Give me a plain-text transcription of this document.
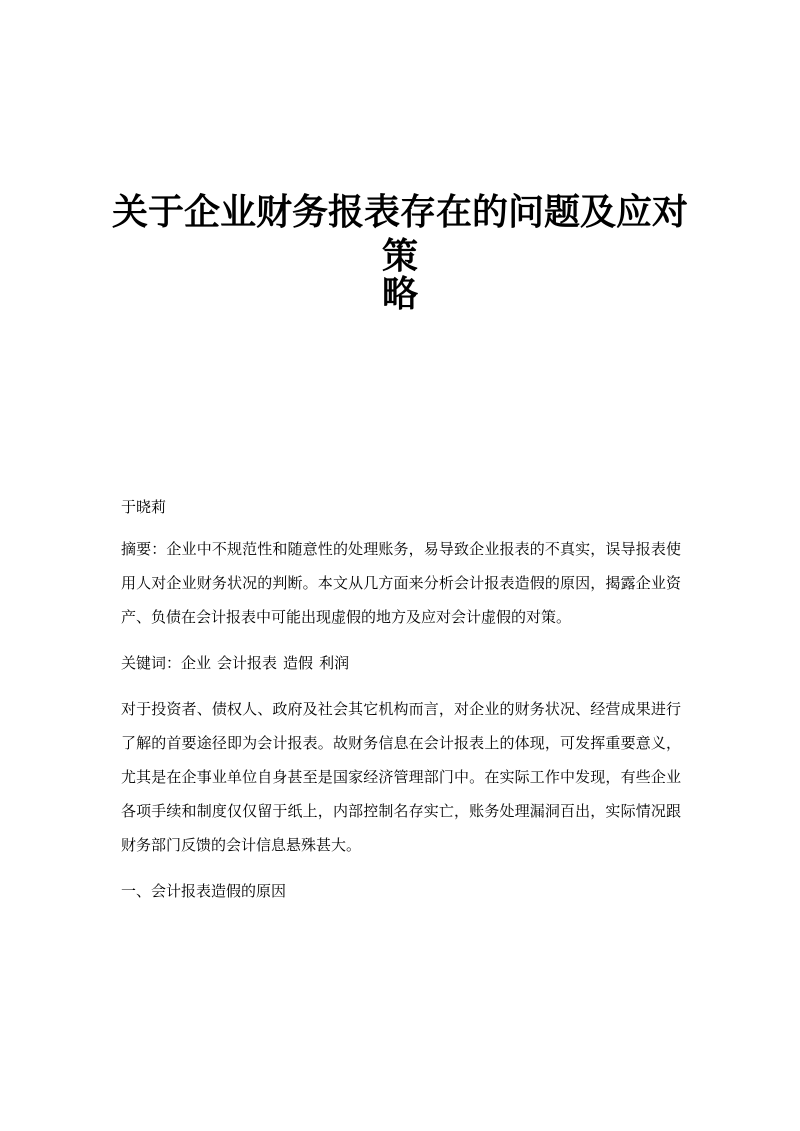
关于企业财务报表存在的问题及应对策
略

于晓莉

摘要：企业中不规范性和随意性的处理账务，易导致企业报表的不真实，误导报表使用人对企业财务状况的判断。本文从几方面来分析会计报表造假的原因，揭露企业资产、负债在会计报表中可能出现虚假的地方及应对会计虚假的对策。

关键词：企业 会计报表 造假 利润

对于投资者、债权人、政府及社会其它机构而言，对企业的财务状况、经营成果进行了解的首要途径即为会计报表。故财务信息在会计报表上的体现，可发挥重要意义，尤其是在企事业单位自身甚至是国家经济管理部门中。在实际工作中发现，有些企业各项手续和制度仅仅留于纸上，内部控制名存实亡，账务处理漏洞百出，实际情况跟财务部门反馈的会计信息悬殊甚大。

一、会计报表造假的原因
